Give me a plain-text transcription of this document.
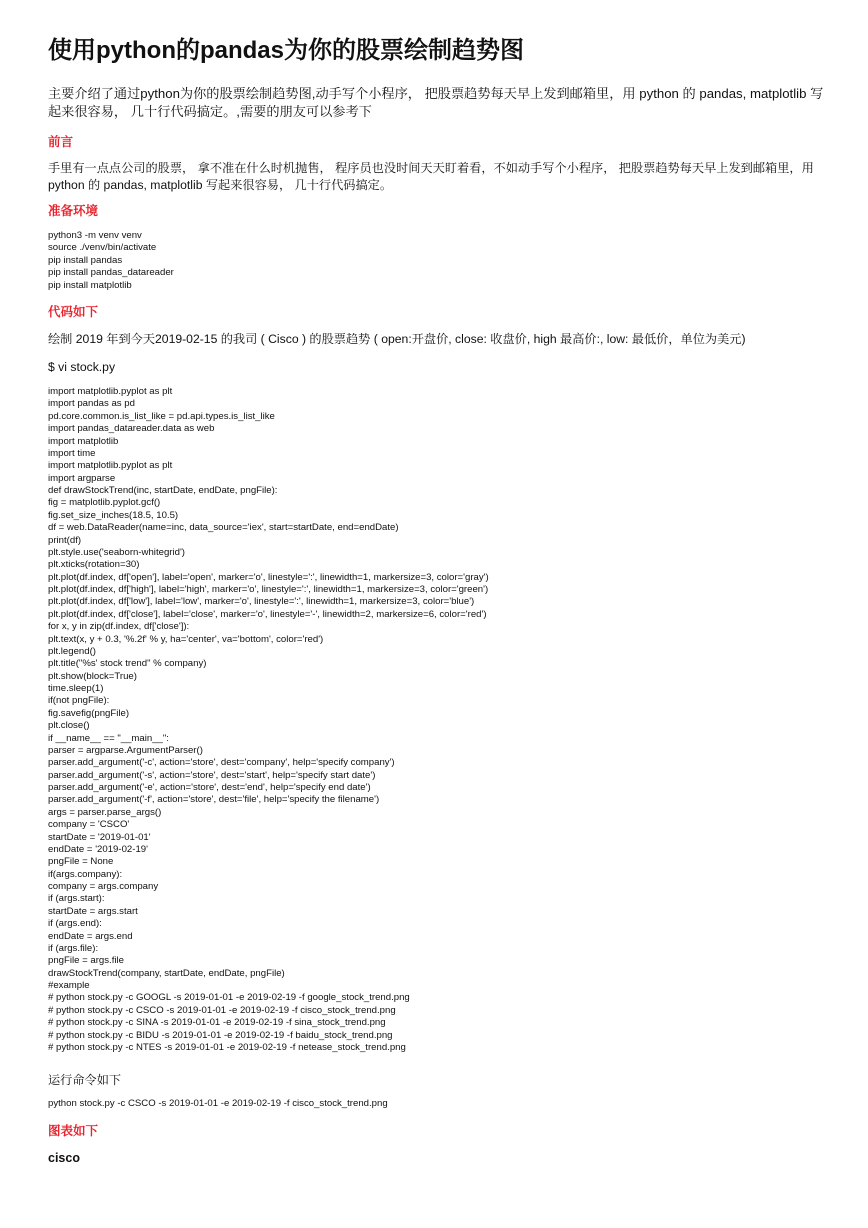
使用python的pandas为你的股票绘制趋势图

主要介绍了通过python为你的股票绘制趋势图,动手写个小程序， 把股票趋势每天早上发到邮箱里，用 python 的 pandas, matplotlib 写起来很容易， 几十行代码搞定。,需要的朋友可以参考下

前言

手里有一点点公司的股票， 拿不准在什么时机抛售， 程序员也没时间天天盯着看，不如动手写个小程序， 把股票趋势每天早上发到邮箱里，用 python 的 pandas, matplotlib 写起来很容易， 几十行代码搞定。

准备环境
python3 -m venv venv
source ./venv/bin/activate
pip install pandas
pip install pandas_datareader
pip install matplotlib
代码如下

绘制 2019 年到今天2019-02-15 的我司 ( Cisco ) 的股票趋势 ( open:开盘价, close: 收盘价, high 最高价:, low: 最低价，单位为美元)

$ vi stock.py

import matplotlib.pyplot as plt
import pandas as pd
pd.core.common.is_list_like = pd.api.types.is_list_like
import pandas_datareader.data as web
import matplotlib
import time
import matplotlib.pyplot as plt
import argparse
def drawStockTrend(inc, startDate, endDate, pngFile):
fig = matplotlib.pyplot.gcf()
fig.set_size_inches(18.5, 10.5)
df = web.DataReader(name=inc, data_source='iex', start=startDate, end=endDate)
print(df)
plt.style.use('seaborn-whitegrid')
plt.xticks(rotation=30)
plt.plot(df.index, df['open'], label='open', marker='o', linestyle=':', linewidth=1, markersize=3, color='gray')
plt.plot(df.index, df['high'], label='high', marker='o', linestyle=':', linewidth=1, markersize=3, color='green')
plt.plot(df.index, df['low'], label='low', marker='o', linestyle=':', linewidth=1, markersize=3, color='blue')
plt.plot(df.index, df['close'], label='close', marker='o', linestyle='-', linewidth=2, markersize=6, color='red')
for x, y in zip(df.index, df['close']):
plt.text(x, y + 0.3, '%.2f' % y, ha='center', va='bottom', color='red')
plt.legend()
plt.title("%s' stock trend" % company)
plt.show(block=True)
time.sleep(1)
if(not pngFile):
fig.savefig(pngFile)
plt.close()
if __name__ == "__main__":
parser = argparse.ArgumentParser()
parser.add_argument('-c', action='store', dest='company', help='specify company')
parser.add_argument('-s', action='store', dest='start', help='specify start date')
parser.add_argument('-e', action='store', dest='end', help='specify end date')
parser.add_argument('-f', action='store', dest='file', help='specify the filename')
args = parser.parse_args()
company = 'CSCO'
startDate = '2019-01-01'
endDate = '2019-02-19'
pngFile = None
if(args.company):
company = args.company
if (args.start):
startDate = args.start
if (args.end):
endDate = args.end
if (args.file):
pngFile = args.file
drawStockTrend(company, startDate, endDate, pngFile)
#example
# python stock.py -c GOOGL -s 2019-01-01 -e 2019-02-19 -f google_stock_trend.png
# python stock.py -c CSCO -s 2019-01-01 -e 2019-02-19 -f cisco_stock_trend.png
# python stock.py -c SINA -s 2019-01-01 -e 2019-02-19 -f sina_stock_trend.png
# python stock.py -c BIDU -s 2019-01-01 -e 2019-02-19 -f baidu_stock_trend.png
# python stock.py -c NTES -s 2019-01-01 -e 2019-02-19 -f netease_stock_trend.png

运行命令如下

python stock.py -c CSCO -s 2019-01-01 -e 2019-02-19 -f cisco_stock_trend.png
图表如下

cisco
